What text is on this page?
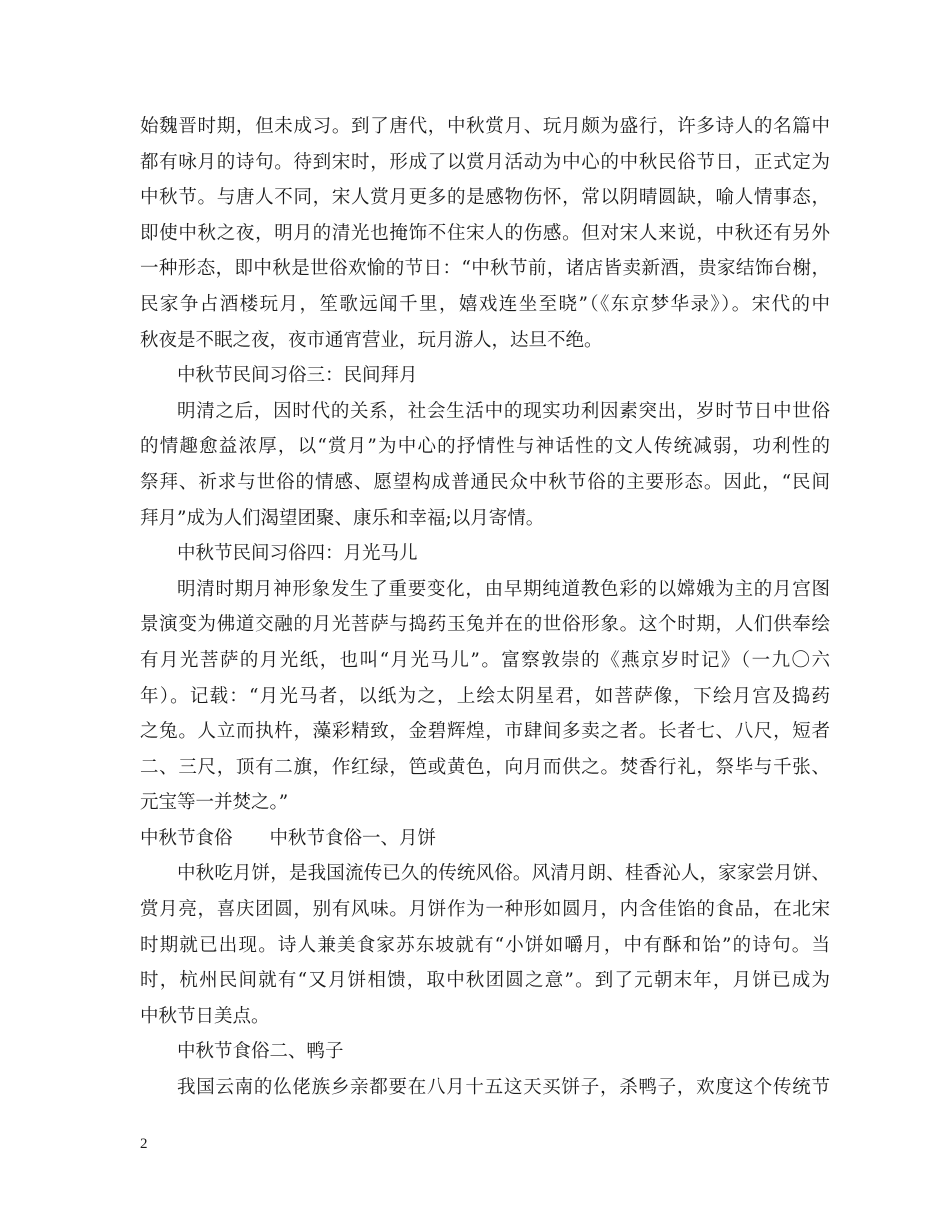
始魏晋时期，但未成习。到了唐代，中秋赏月、玩月颇为盛行，许多诗人的名篇中
都有咏月的诗句。待到宋时，形成了以赏月活动为中心的中秋民俗节日，正式定为
中秋节。与唐人不同，宋人赏月更多的是感物伤怀，常以阴晴圆缺，喻人情事态，
即使中秋之夜，明月的清光也掩饰不住宋人的伤感。但对宋人来说，中秋还有另外
一种形态，即中秋是世俗欢愉的节日：“中秋节前，诸店皆卖新酒，贵家结饰台榭，
民家争占酒楼玩月，笙歌远闻千里，嬉戏连坐至晓”（《东京梦华录》）。宋代的中
秋夜是不眠之夜，夜市通宵营业，玩月游人，达旦不绝。
中秋节民间习俗三：民间拜月
明清之后，因时代的关系，社会生活中的现实功利因素突出，岁时节日中世俗
的情趣愈益浓厚，以“赏月”为中心的抒情性与神话性的文人传统减弱，功利性的
祭拜、祈求与世俗的情感、愿望构成普通民众中秋节俗的主要形态。因此，“民间
拜月”成为人们渴望团聚、康乐和幸福;以月寄情。
中秋节民间习俗四：月光马儿
明清时期月神形象发生了重要变化，由早期纯道教色彩的以嫦娥为主的月宫图
景演变为佛道交融的月光菩萨与捣药玉兔并在的世俗形象。这个时期，人们供奉绘
有月光菩萨的月光纸，也叫“月光马儿”。富察敦崇的《燕京岁时记》（一九〇六
年）。记载：“月光马者，以纸为之，上绘太阴星君，如菩萨像，下绘月宫及捣药
之兔。人立而执杵，藻彩精致，金碧辉煌，市肆间多卖之者。长者七、八尺，短者
二、三尺，顶有二旗，作红绿，笆或黄色，向月而供之。焚香行礼，祭毕与千张、
元宝等一并焚之。”
中秋节食俗　　中秋节食俗一、月饼
中秋吃月饼，是我国流传已久的传统风俗。风清月朗、桂香沁人，家家尝月饼、
赏月亮，喜庆团圆，别有风味。月饼作为一种形如圆月，内含佳馅的食品，在北宋
时期就已出现。诗人兼美食家苏东坡就有“小饼如嚼月，中有酥和饴”的诗句。当
时，杭州民间就有“又月饼相馈，取中秋团圆之意”。到了元朝末年，月饼已成为
中秋节日美点。
中秋节食俗二、鸭子
我国云南的仫佬族乡亲都要在八月十五这天买饼子，杀鸭子，欢度这个传统节
2
